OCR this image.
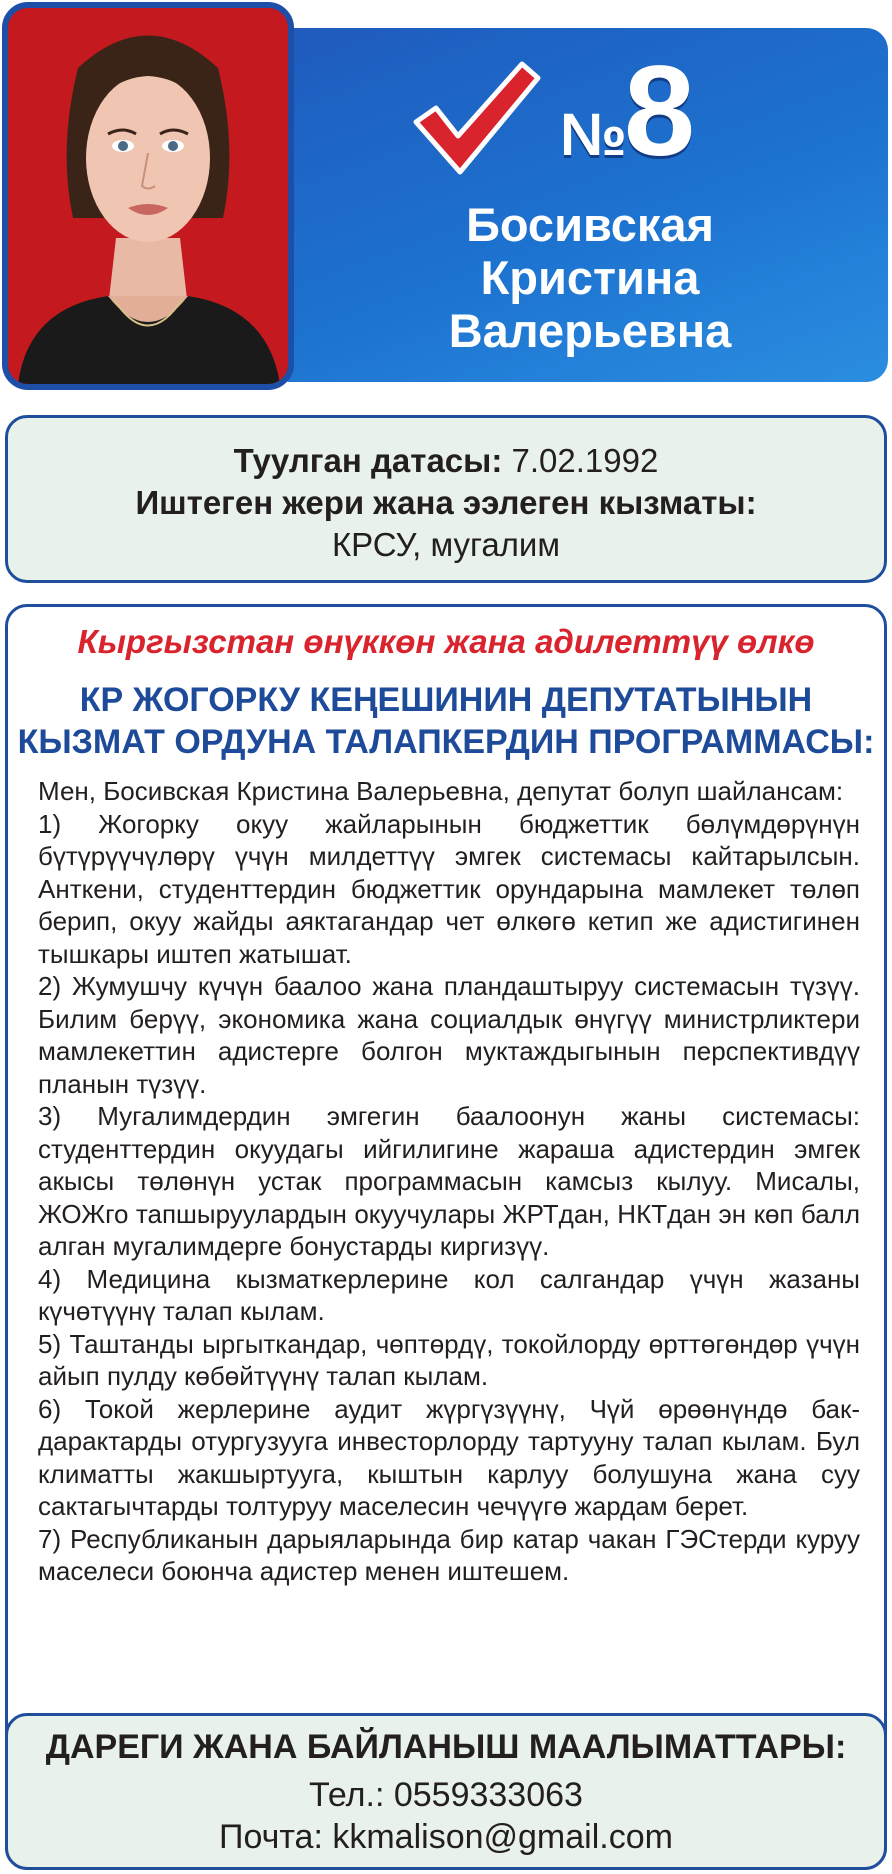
№ 8
Босивская
Кристина
Валерьевна
Туулган датасы: 7.02.1992
Иштеген жери жана ээлеген кызматы:
КРСУ, мугалим
Кыргызстан өнүккөн жана адилеттүү өлкө
КР ЖОГОРКУ КЕҢЕШИНИН ДЕПУТАТЫНЫН
КЫЗМАТ ОРДУНА ТАЛАПКЕРДИН ПРОГРАММАСЫ:

Мен, Босивская Кристина Валерьевна, депутат болуп шайлансам:

1) Жогорку окуу жайларынын бюджеттик бөлүмдөрүнүн бүтүрүүчүлөрү үчүн милдеттүү эмгек системасы кайтарылсын. Анткени, студенттердин бюджеттик орундарына мамлекет төлөп берип, окуу жайды аяктагандар чет өлкөгө кетип же адистигинен тышкары иштеп жатышат.

2) Жумушчу күчүн баалоо жана пландаштыруу системасын түзүү. Билим берүү, экономика жана социалдык өнүгүү министрликтери мамлекеттин адистерге болгон муктаждыгынын перспективдүү планын түзүү.

3) Мугалимдердин эмгегин баалоонун жаны системасы: студенттердин окуудагы ийгилигине жараша адистердин эмгек акысы төлөнүн устак программасын камсыз кылуу. Мисалы, ЖОЖго тапшыруулардын окуучулары ЖРТдан, НКТдан эн көп балл алган мугалимдерге бонустарды киргизүү.

4) Медицина кызматкерлерине кол салгандар үчүн жазаны күчөтүүнү талап кылам.

5) Таштанды ыргыткандар, чөптөрдү, токойлорду өрттөгөндөр үчүн айып пулду көбөйтүүнү талап кылам.

6) Токой жерлерине аудит жүргүзүүнү, Чүй өрөөнүндө бак-дарактарды отургузууга инвесторлорду тартууну талап кылам. Бул климатты жакшыртууга, кыштын карлуу болушуна жана суу сактагычтарды толтуруу маселесин чечүүгө жардам берет.

7) Республиканын дарыяларында бир катар чакан ГЭСтерди куруу маселеси боюнча адистер менен иштешем.

ДАРЕГИ ЖАНА БАЙЛАНЫШ МААЛЫМАТТАРЫ:
Тел.: 0559333063
Почта: kkmalison@gmail.com
